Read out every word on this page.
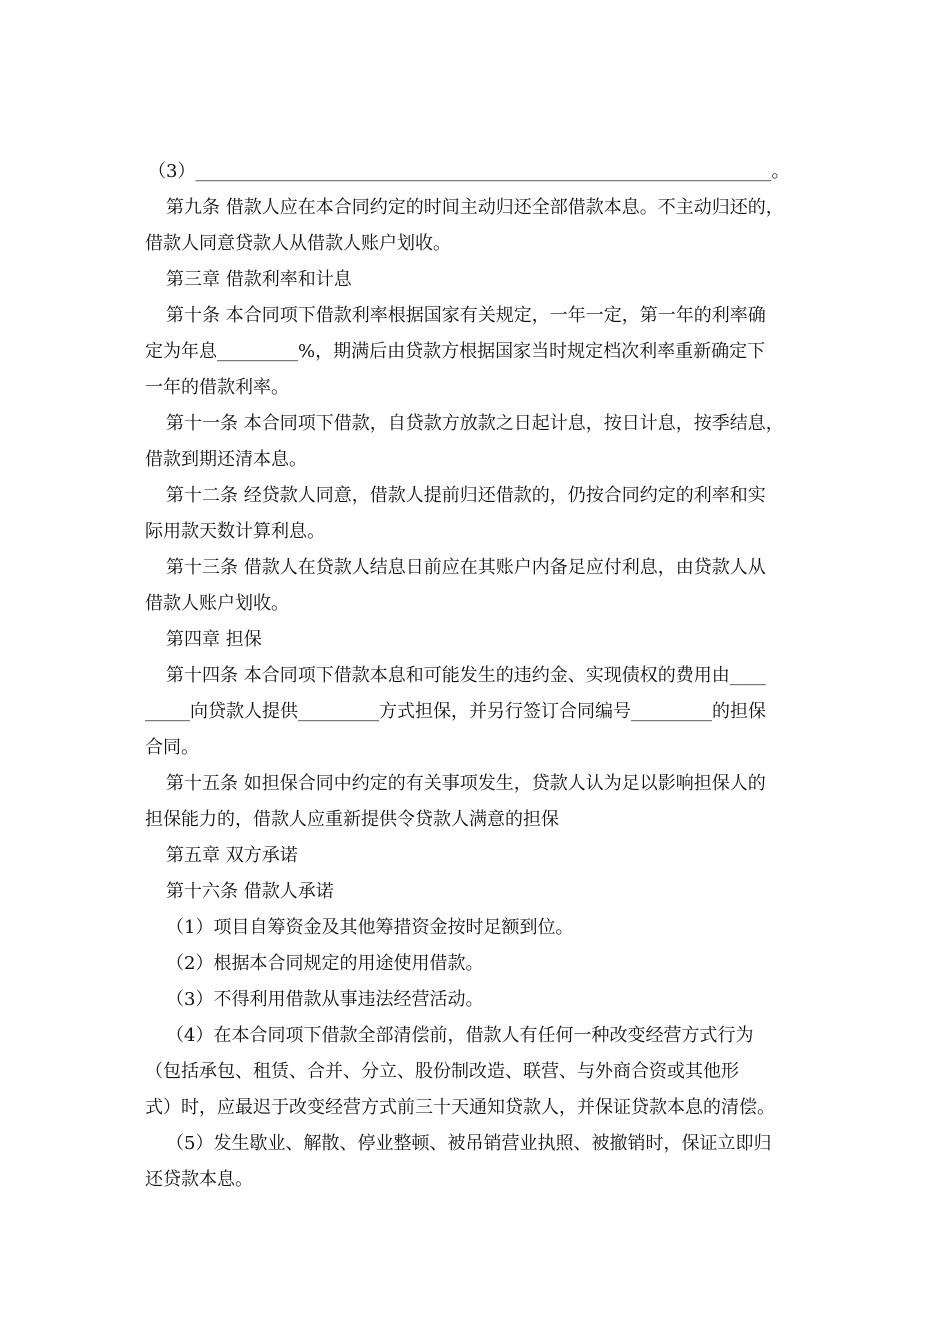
（3）________________________________________________________________。
第九条 借款人应在本合同约定的时间主动归还全部借款本息。不主动归还的，
借款人同意贷款人从借款人账户划收。
第三章 借款利率和计息
第十条 本合同项下借款利率根据国家有关规定，一年一定，第一年的利率确
定为年息_________%，期满后由贷款方根据国家当时规定档次利率重新确定下
一年的借款利率。
第十一条 本合同项下借款，自贷款方放款之日起计息，按日计息，按季结息，
借款到期还清本息。
第十二条 经贷款人同意，借款人提前归还借款的，仍按合同约定的利率和实
际用款天数计算利息。
第十三条 借款人在贷款人结息日前应在其账户内备足应付利息，由贷款人从
借款人账户划收。
第四章 担保
第十四条 本合同项下借款本息和可能发生的违约金、实现债权的费用由____
_____向贷款人提供_________方式担保，并另行签订合同编号_________的担保
合同。
第十五条 如担保合同中约定的有关事项发生，贷款人认为足以影响担保人的
担保能力的，借款人应重新提供令贷款人满意的担保
第五章 双方承诺
第十六条 借款人承诺
（1）项目自筹资金及其他筹措资金按时足额到位。
（2）根据本合同规定的用途使用借款。
（3）不得利用借款从事违法经营活动。
（4）在本合同项下借款全部清偿前，借款人有任何一种改变经营方式行为
（包括承包、租赁、合并、分立、股份制改造、联营、与外商合资或其他形
式）时，应最迟于改变经营方式前三十天通知贷款人，并保证贷款本息的清偿。
（5）发生歇业、解散、停业整顿、被吊销营业执照、被撤销时，保证立即归
还贷款本息。
